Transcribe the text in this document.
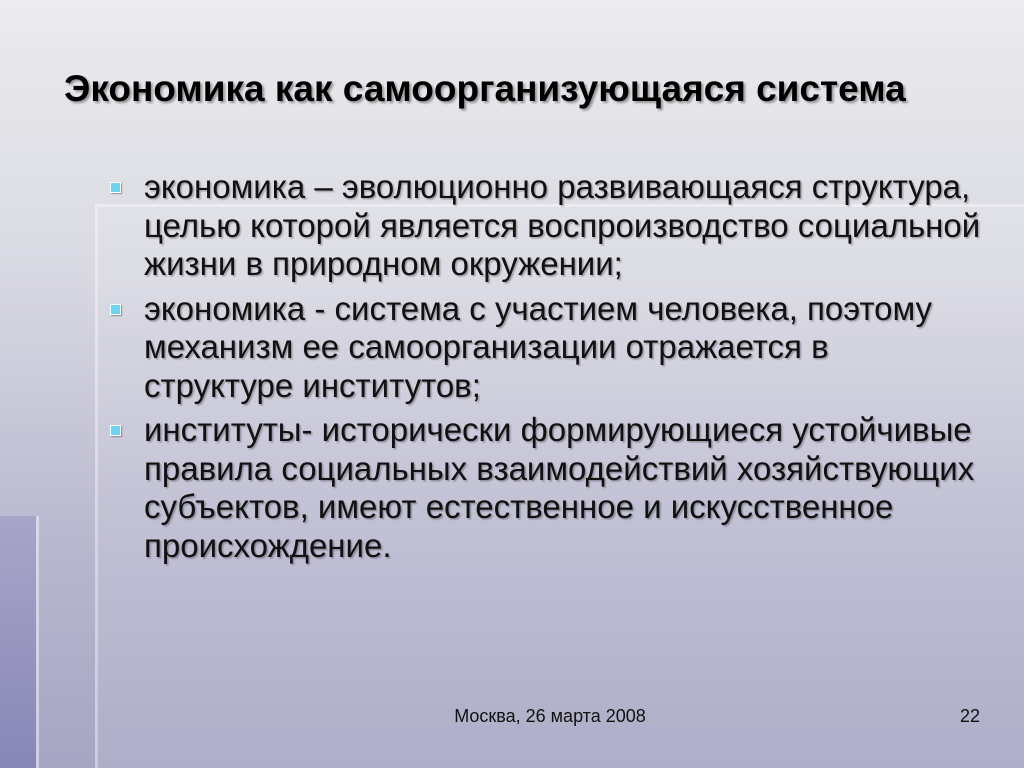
Экономика как самоорганизующаяся система
экономика – эволюционно развивающаяся структура, целью которой является воспроизводство социальной жизни в природном окружении;
экономика - система с участием человека, поэтому механизм ее самоорганизации отражается в структуре институтов;
институты- исторически формирующиеся устойчивые правила социальных взаимодействий хозяйствующих субъектов, имеют естественное и искусственное происхождение.
Москва, 26 марта 2008	22
